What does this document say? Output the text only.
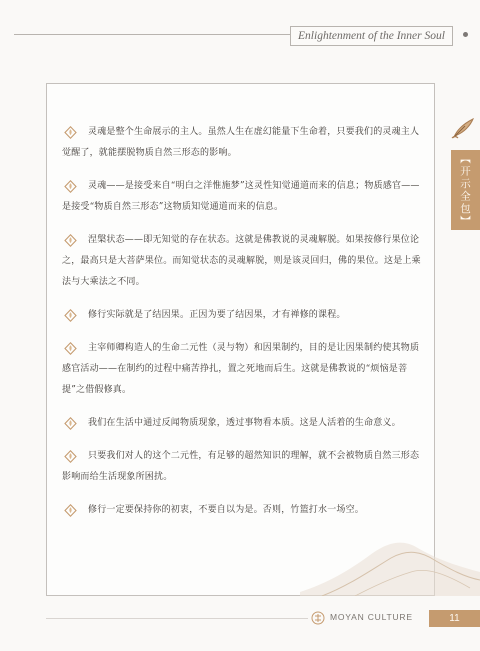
Enlightenment of the Inner Soul

灵魂是整个生命展示的主人。虽然人生在虚幻能量下生命着，只要我们的灵魂主人觉醒了，就能摆脱物质自然三形态的影响。

灵魂——是接受来自“明白之洋惟施梦”这灵性知觉通道而来的信息；物质感官——是接受“物质自然三形态”这物质知觉通道而来的信息。

涅槃状态——即无知觉的存在状态。这就是佛教说的灵魂解脱。如果按修行果位论之，最高只是大菩萨果位。而知觉状态的灵魂解脱，则是该灵回归，佛的果位。这是上乘法与大乘法之不同。

修行实际就是了结因果。正因为要了结因果，才有禅修的课程。

主宰师卿构造人的生命二元性（灵与物）和因果制约，目的是让因果制约使其物质感官活动——在制约的过程中痛苦挣扎，置之死地而后生。这就是佛教说的“烦恼是菩提”之借假修真。

我们在生活中通过反闻物质现象，透过事物看本质。这是人活着的生命意义。

只要我们对人的这个二元性，有足够的超然知识的理解，就不会被物质自然三形态影响而给生活现象所困扰。

修行一定要保持你的初衷，不要自以为是。否则，竹篮打水一场空。

【开示全包】
MOYAN CULTURE	11
